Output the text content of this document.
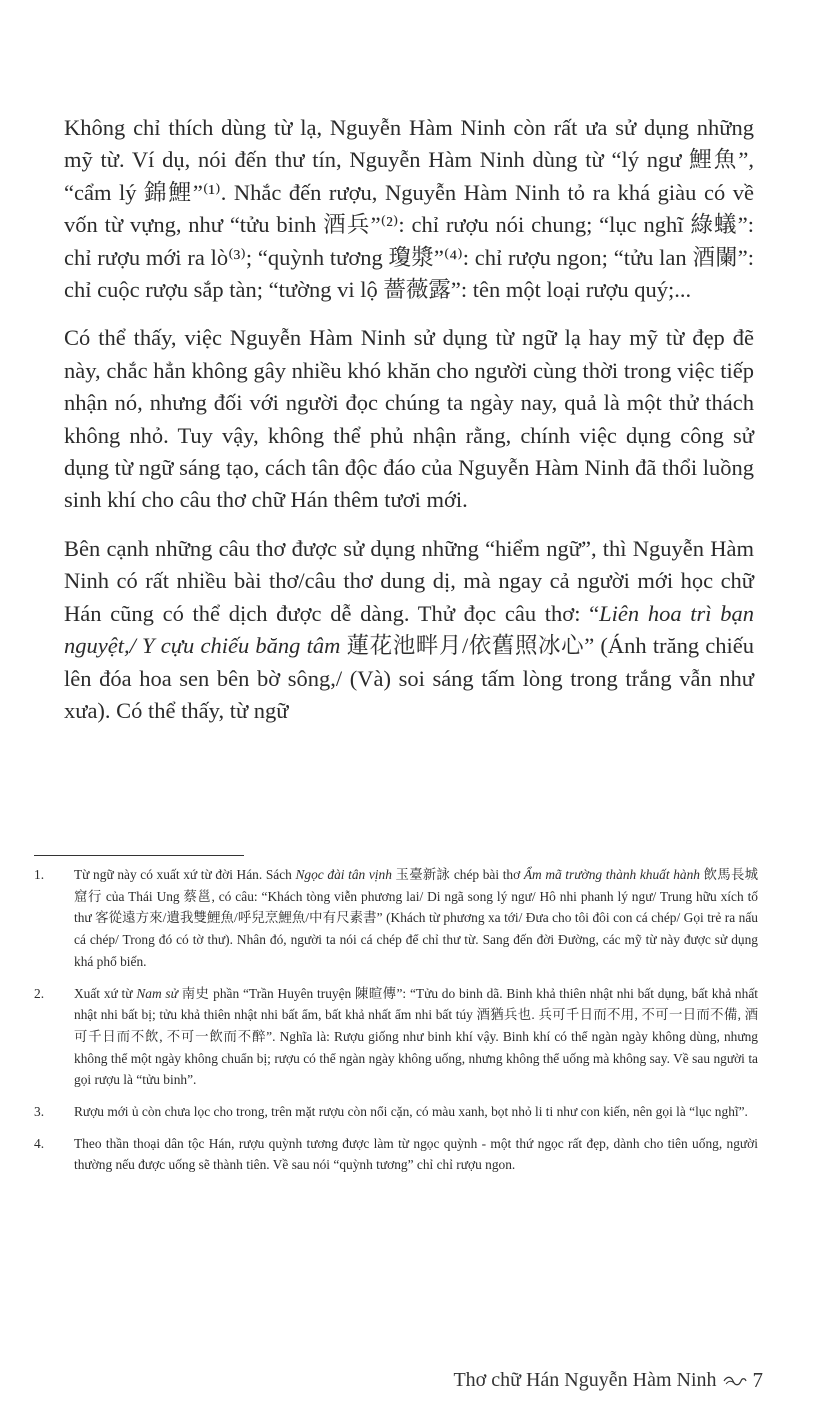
Không chỉ thích dùng từ lạ, Nguyễn Hàm Ninh còn rất ưa sử dụng những mỹ từ. Ví dụ, nói đến thư tín, Nguyễn Hàm Ninh dùng từ “lý ngư 鯉魚”, “cẩm lý 錦鯉”⁽¹⁾. Nhắc đến rượu, Nguyễn Hàm Ninh tỏ ra khá giàu có về vốn từ vựng, như “tửu binh 酒兵”⁽²⁾: chỉ rượu nói chung; “lục nghĩ 綠蟻”: chỉ rượu mới ra lò⁽³⁾; “quỳnh tương 瓊漿”⁽⁴⁾: chỉ rượu ngon; “tửu lan 酒闌”: chỉ cuộc rượu sắp tàn; “tường vi lộ 薔薇露”: tên một loại rượu quý;...

Có thể thấy, việc Nguyễn Hàm Ninh sử dụng từ ngữ lạ hay mỹ từ đẹp đẽ này, chắc hẳn không gây nhiều khó khăn cho người cùng thời trong việc tiếp nhận nó, nhưng đối với người đọc chúng ta ngày nay, quả là một thử thách không nhỏ. Tuy vậy, không thể phủ nhận rằng, chính việc dụng công sử dụng từ ngữ sáng tạo, cách tân độc đáo của Nguyễn Hàm Ninh đã thổi luồng sinh khí cho câu thơ chữ Hán thêm tươi mới.

Bên cạnh những câu thơ được sử dụng những “hiểm ngữ”, thì Nguyễn Hàm Ninh có rất nhiều bài thơ/câu thơ dung dị, mà ngay cả người mới học chữ Hán cũng có thể dịch được dễ dàng. Thử đọc câu thơ: “Liên hoa trì bạn nguyệt,/ Y cựu chiếu băng tâm 蓮花池畔月/依舊照冰心” (Ánh trăng chiếu lên đóa hoa sen bên bờ sông,/ (Và) soi sáng tấm lòng trong trắng vẫn như xưa). Có thể thấy, từ ngữ

1. Từ ngữ này có xuất xứ từ đời Hán. Sách Ngọc đài tân vịnh 玉臺新詠 chép bài thơ Ẩm mã trường thành khuất hành 飲馬長城窟行 của Thái Ung 蔡邕, có câu: “Khách tòng viễn phương lai/ Di ngã song lý ngư/ Hô nhi phanh lý ngư/ Trung hữu xích tố thư 客從遠方來/遺我雙鯉魚/呼兒烹鯉魚/中有尺素書” (Khách từ phương xa tới/ Đưa cho tôi đôi con cá chép/ Gọi trẻ ra nấu cá chép/ Trong đó có tờ thư). Nhân đó, người ta nói cá chép để chỉ thư từ. Sang đến đời Đường, các mỹ từ này được sử dụng khá phổ biến.
2. Xuất xứ từ Nam sử 南史 phần “Trần Huyên truyện 陳暄傳”: “Tửu do binh dã. Binh khả thiên nhật nhi bất dụng, bất khả nhất nhật nhi bất bị; tửu khả thiên nhật nhi bất ẩm, bất khả nhất ẩm nhi bất túy 酒猶兵也. 兵可千日而不用, 不可一日而不備, 酒可千日而不飲, 不可一飲而不醉”. Nghĩa là: Rượu giống như binh khí vậy. Binh khí có thể ngàn ngày không dùng, nhưng không thể một ngày không chuẩn bị; rượu có thể ngàn ngày không uống, nhưng không thể uống mà không say. Về sau người ta gọi rượu là “tửu binh”.
3. Rượu mới ủ còn chưa lọc cho trong, trên mặt rượu còn nổi cặn, có màu xanh, bọt nhỏ li ti như con kiến, nên gọi là “lục nghĩ”.
4. Theo thần thoại dân tộc Hán, rượu quỳnh tương được làm từ ngọc quỳnh - một thứ ngọc rất đẹp, dành cho tiên uống, người thường nếu được uống sẽ thành tiên. Về sau nói “quỳnh tương” chỉ chỉ rượu ngon.
Thơ chữ Hán Nguyễn Hàm Ninh 7
